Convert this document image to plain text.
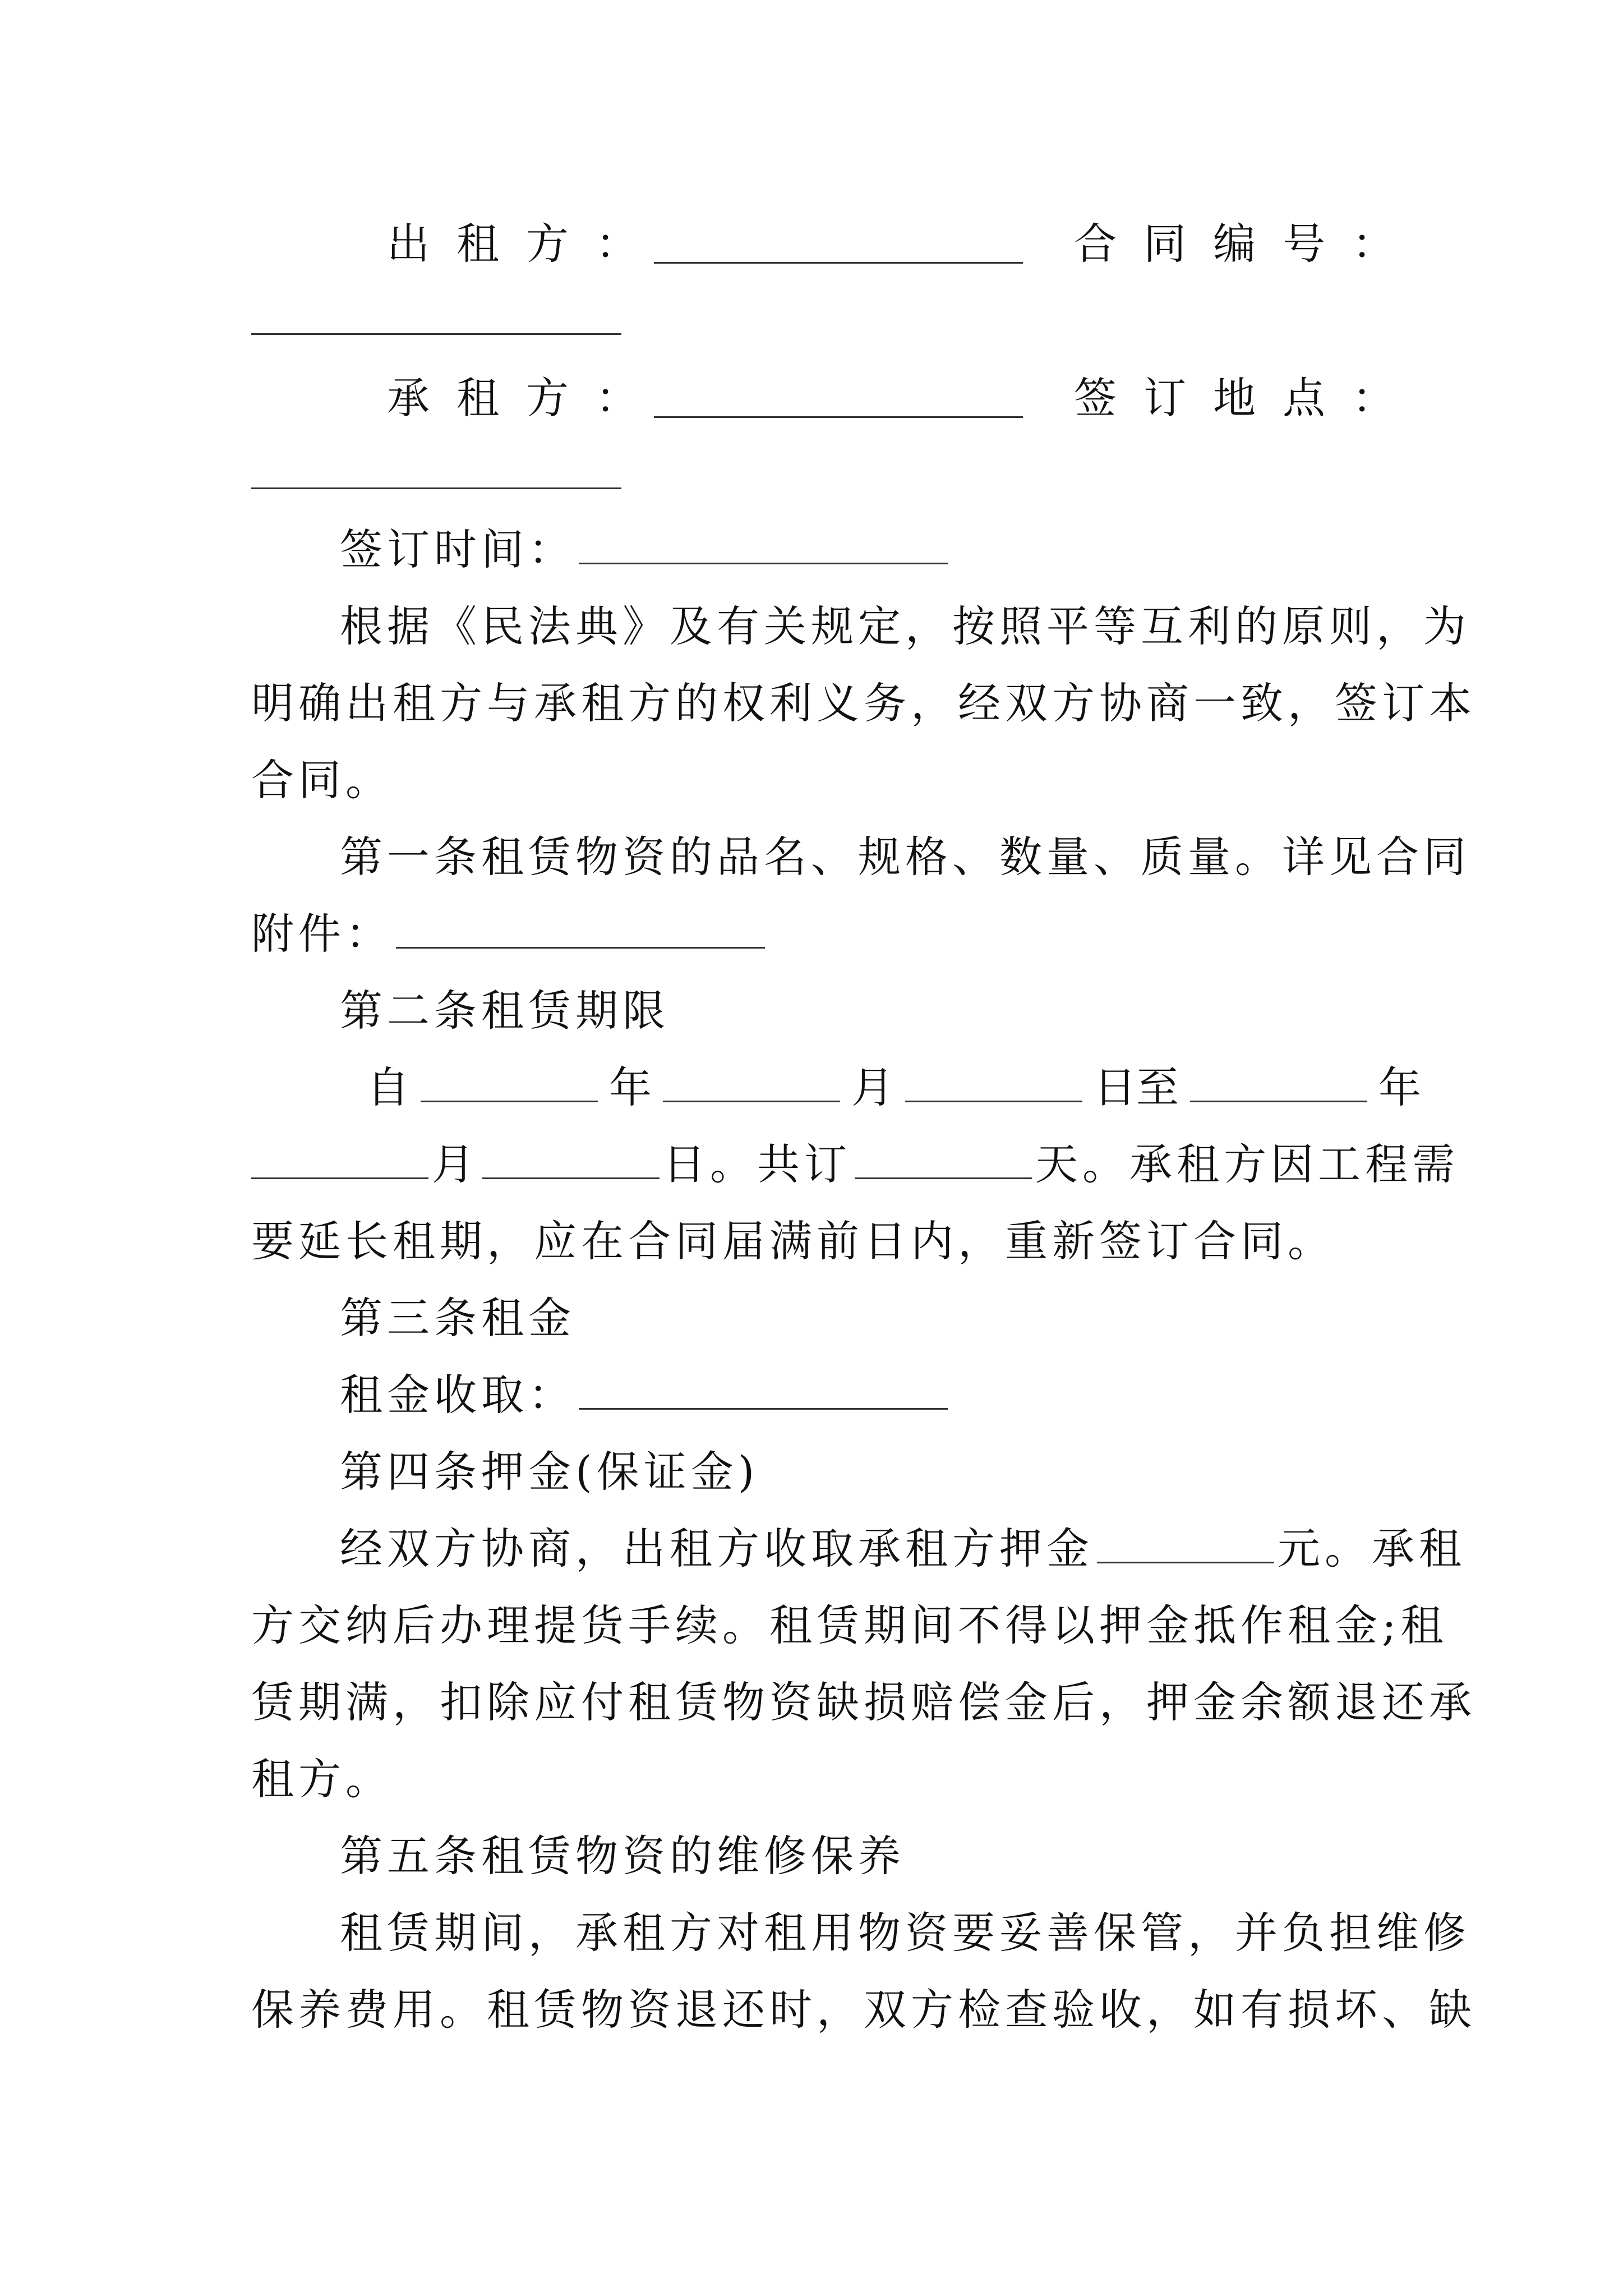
出租方：	合同编号：
承租方：	签订地点：
签订时间：
根据《民法典》及有关规定，按照平等互利的原则，为
明确出租方与承租方的权利义务，经双方协商一致，签订本
合同。
第一条租赁物资的品名、规格、数量、质量。详见合同
附件：
第二条租赁期限
自	年	月	日至	年
月	日。共订	天。承租方因工程需
要延长租期，应在合同届满前日内，重新签订合同。
第三条租金
租金收取：
第四条押金(保证金)
经双方协商，出租方收取承租方押金	元。承租
方交纳后办理提货手续。租赁期间不得以押金抵作租金;租
赁期满，扣除应付租赁物资缺损赔偿金后，押金余额退还承
租方。
第五条租赁物资的维修保养
租赁期间，承租方对租用物资要妥善保管，并负担维修
保养费用。租赁物资退还时，双方检查验收，如有损坏、缺
